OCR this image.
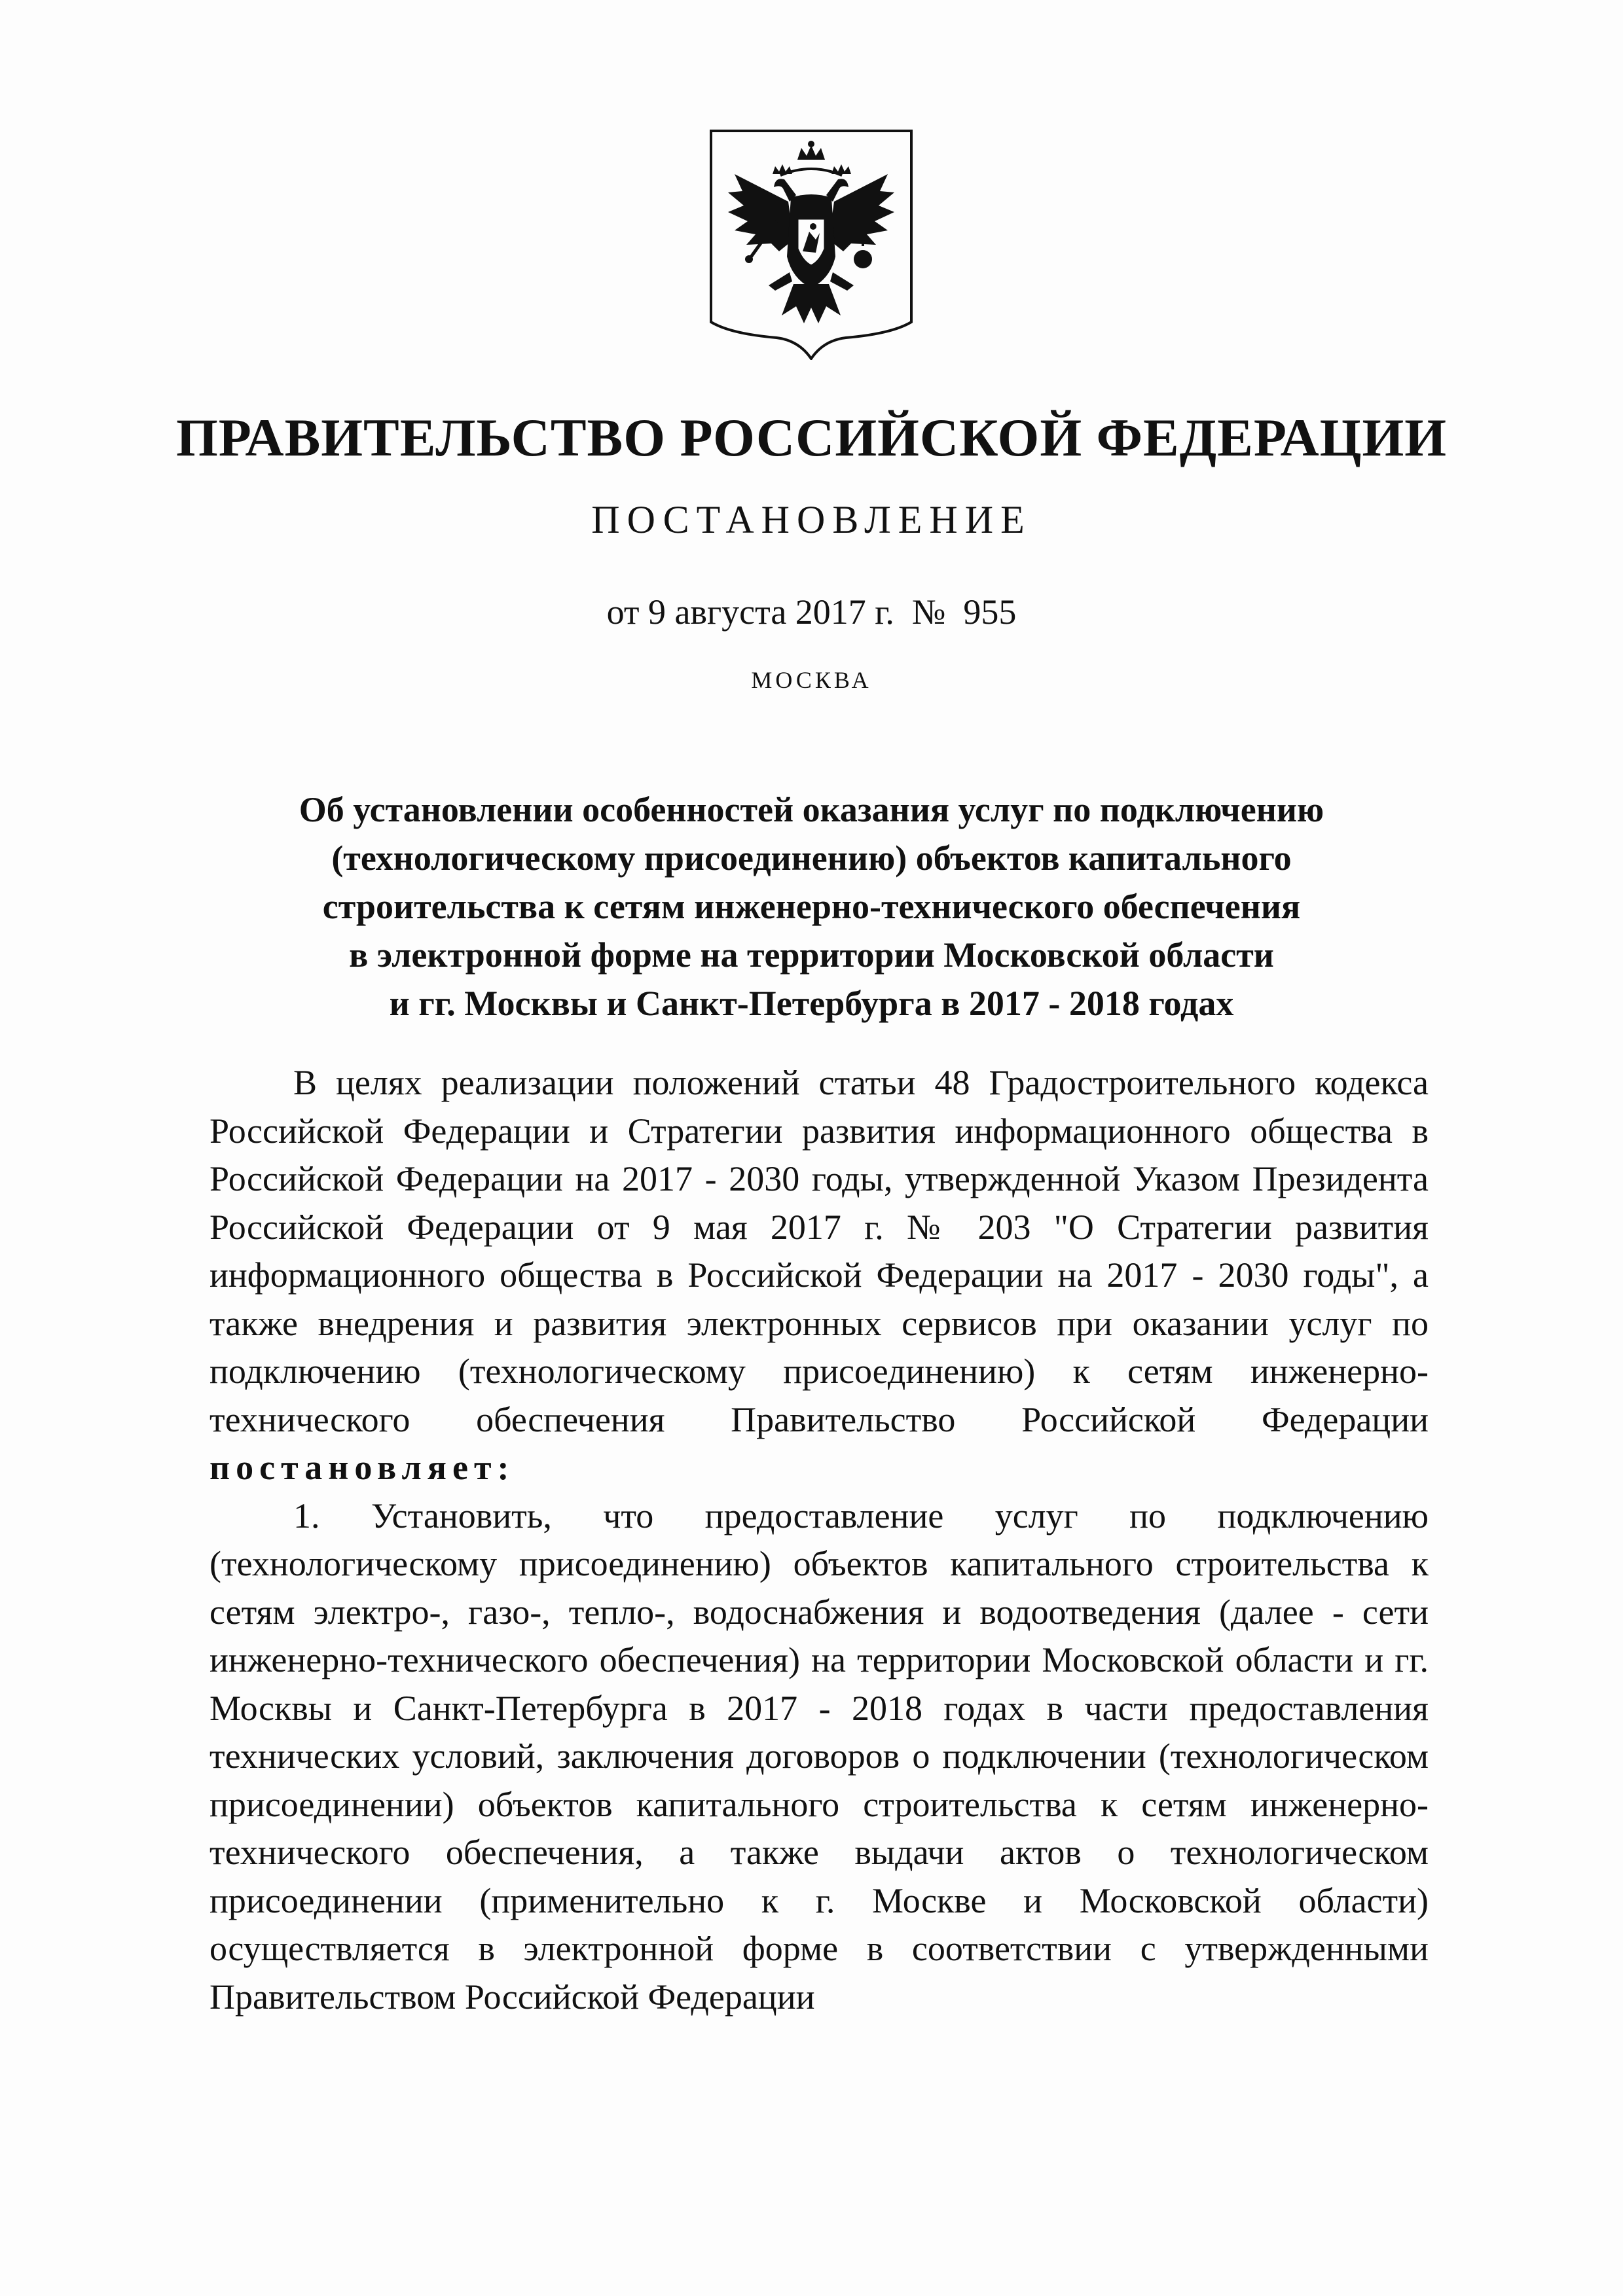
ПРАВИТЕЛЬСТВО РОССИЙСКОЙ ФЕДЕРАЦИИ
ПОСТАНОВЛЕНИЕ
от 9 августа 2017 г.  №  955
МОСКВА
Об установлении особенностей оказания услуг по подключению
(технологическому присоединению) объектов капитального
строительства к сетям инженерно-технического обеспечения
в электронной форме на территории Московской области
и гг. Москвы и Санкт-Петербурга в 2017 - 2018 годах

В целях реализации положений статьи 48 Градостроительного кодекса Российской Федерации и Стратегии развития информационного общества в Российской Федерации на 2017 - 2030 годы, утвержденной Указом Президента Российской Федерации от 9 мая 2017 г. № 203 "О Стратегии развития информационного общества в Российской Федерации на 2017 - 2030 годы", а также внедрения и развития электронных сервисов при оказании услуг по подключению (технологическому присоединению) к сетям инженерно-технического обеспечения Правительство Российской Федерации постановляет:

1. Установить, что предоставление услуг по подключению (технологическому присоединению) объектов капитального строительства к сетям электро-, газо-, тепло-, водоснабжения и водоотведения (далее - сети инженерно-технического обеспечения) на территории Московской области и гг. Москвы и Санкт-Петербурга в 2017 - 2018 годах в части предоставления технических условий, заключения договоров о подключении (технологическом присоединении) объектов капитального строительства к сетям инженерно-технического обеспечения, а также выдачи актов о технологическом присоединении (применительно к г. Москве и Московской области) осуществляется в электронной форме в соответствии с утвержденными Правительством Российской Федерации
